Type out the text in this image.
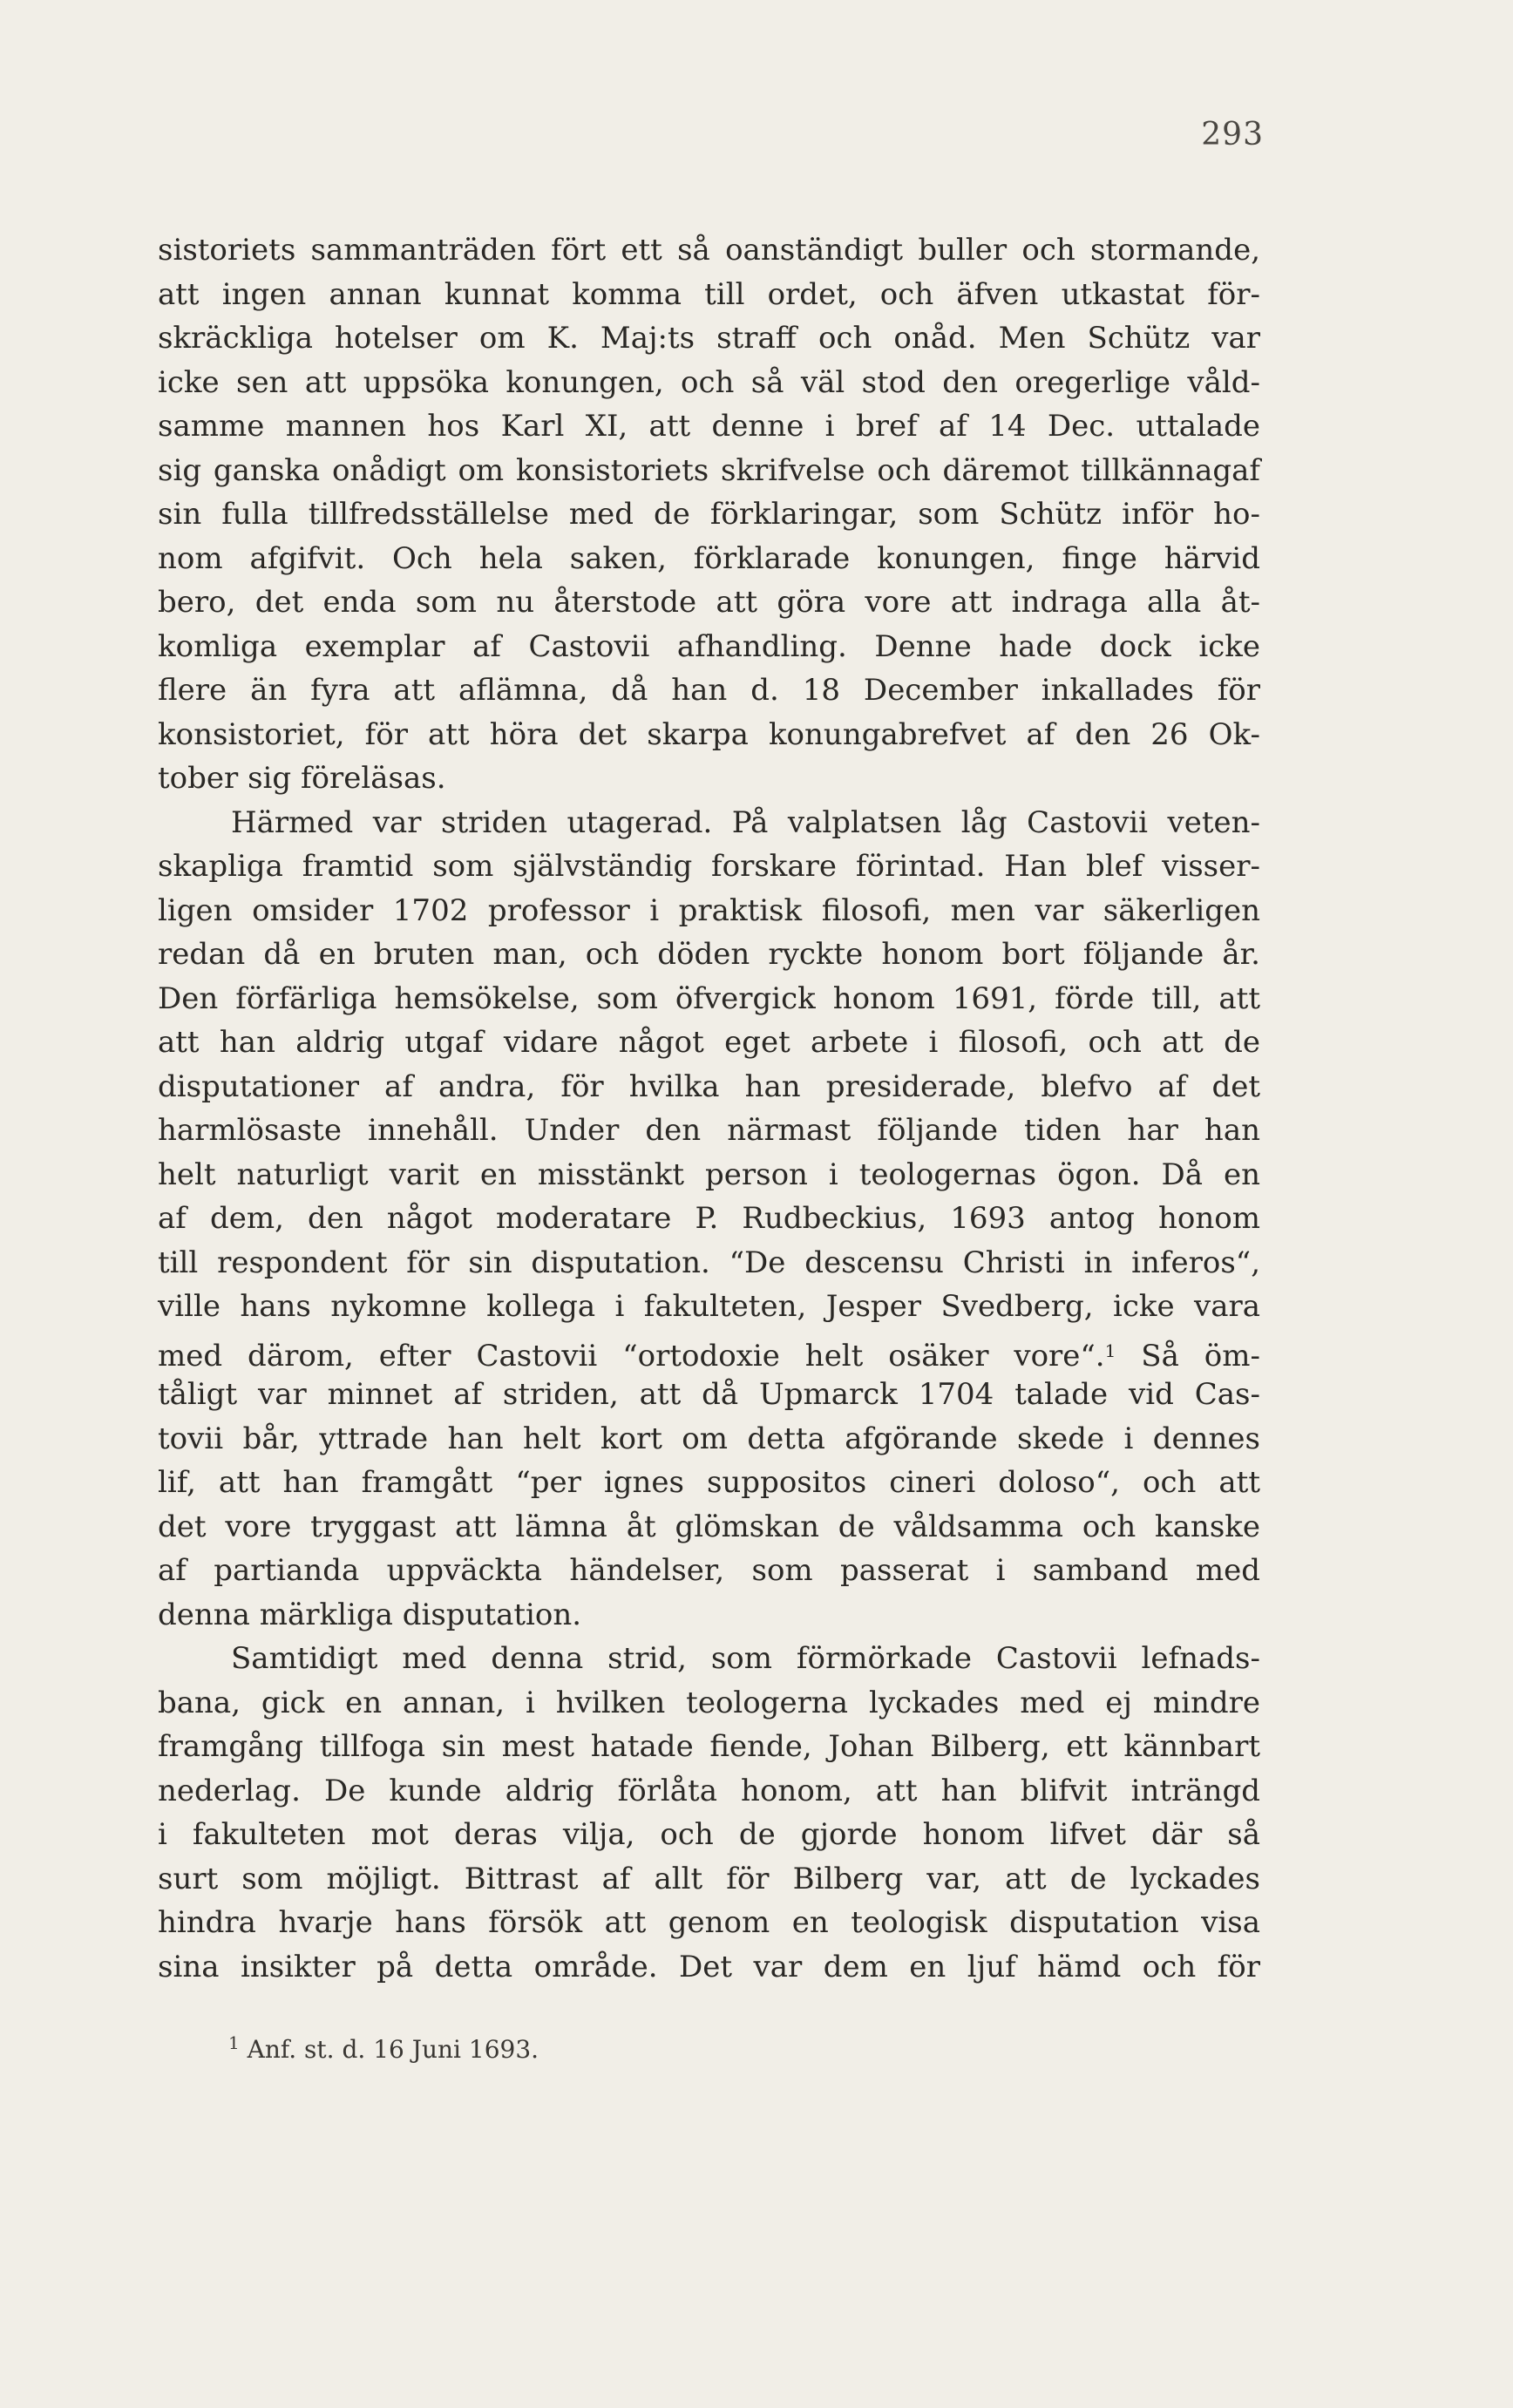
293
sistoriets sammanträden fört ett så oanständigt buller och stormande,
att ingen annan kunnat komma till ordet, och äfven utkastat för-
skräckliga hotelser om K. Maj:ts straff och onåd. Men Schütz var
icke sen att uppsöka konungen, och så väl stod den oregerlige våld-
samme mannen hos Karl XI, att denne i bref af 14 Dec. uttalade
sig ganska onådigt om konsistoriets skrifvelse och däremot tillkännagaf
sin fulla tillfredsställelse med de förklaringar, som Schütz inför ho-
nom afgifvit. Och hela saken, förklarade konungen, finge härvid
bero, det enda som nu återstode att göra vore att indraga alla åt-
komliga exemplar af Castovii afhandling. Denne hade dock icke
flere än fyra att aflämna, då han d. 18 December inkallades för
konsistoriet, för att höra det skarpa konungabrefvet af den 26 Ok-
tober sig föreläsas.
Härmed var striden utagerad. På valplatsen låg Castovii veten-
skapliga framtid som självständig forskare förintad. Han blef visser-
ligen omsider 1702 professor i praktisk filosofi, men var säkerligen
redan då en bruten man, och döden ryckte honom bort följande år.
Den förfärliga hemsökelse, som öfvergick honom 1691, förde till, att
att han aldrig utgaf vidare något eget arbete i filosofi, och att de
disputationer af andra, för hvilka han presiderade, blefvo af det
harmlösaste innehåll. Under den närmast följande tiden har han
helt naturligt varit en misstänkt person i teologernas ögon. Då en
af dem, den något moderatare P. Rudbeckius, 1693 antog honom
till respondent för sin disputation. “De descensu Christi in inferos“,
ville hans nykomne kollega i fakulteten, Jesper Svedberg, icke vara
med därom, efter Castovii “ortodoxie helt osäker vore“.$^1$ Så öm-
tåligt var minnet af striden, att då Upmarck 1704 talade vid Cas-
tovii bår, yttrade han helt kort om detta afgörande skede i dennes
lif, att han framgått “per ignes suppositos cineri doloso“, och att
det vore tryggast att lämna åt glömskan de våldsamma och kanske
af partianda uppväckta händelser, som passerat i samband med
denna märkliga disputation.
Samtidigt med denna strid, som förmörkade Castovii lefnads-
bana, gick en annan, i hvilken teologerna lyckades med ej mindre
framgång tillfoga sin mest hatade fiende, Johan Bilberg, ett kännbart
nederlag. De kunde aldrig förlåta honom, att han blifvit inträngd
i fakulteten mot deras vilja, och de gjorde honom lifvet där så
surt som möjligt. Bittrast af allt för Bilberg var, att de lyckades
hindra hvarje hans försök att genom en teologisk disputation visa
sina insikter på detta område. Det var dem en ljuf hämd och för
$^1$ Anf. st. d. 16 Juni 1693.
